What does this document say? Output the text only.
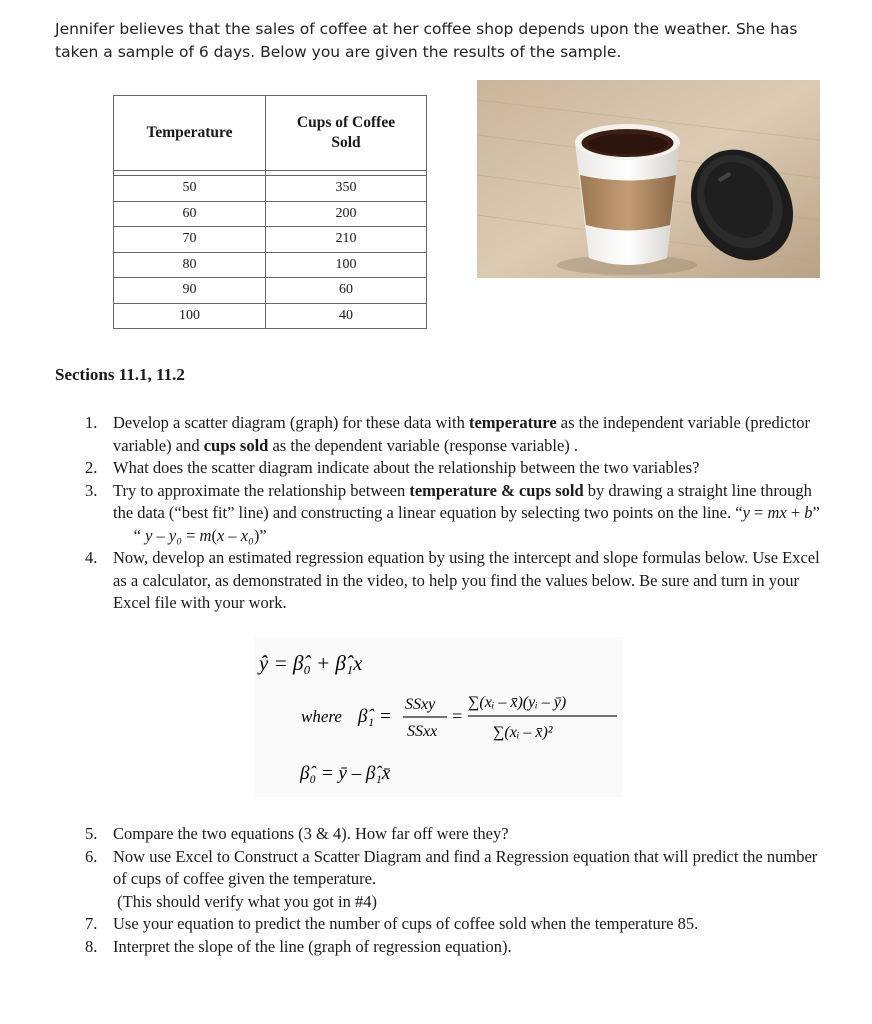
Jennifer believes that the sales of coffee at her coffee shop depends upon the weather. She has taken a sample of 6 days. Below you are given the results of the sample.
Temperature	Cups of Coffee Sold

50	350
60	200
70	210
80	100
90	60
100	40
Sections 11.1, 11.2
1. Develop a scatter diagram (graph) for these data with temperature as the independent variable (predictor variable) and cups sold as the dependent variable (response variable) .
2. What does the scatter diagram indicate about the relationship between the two variables?
3. Try to approximate the relationship between temperature & cups sold by drawing a straight line through the data (“best fit” line) and constructing a linear equation by selecting two points on the line. “y = mx + b”      “ y – y₀ = m(x – x₀)”
4. Now, develop an estimated regression equation by using the intercept and slope formulas below. Use Excel as a calculator, as demonstrated in the video, to help you find the values below. Be sure and turn in your Excel file with your work.
ŷ = β̂₀ + β̂₁x
where β̂₁ =
SSxy
SSxx
=
∑(xᵢ – x̄)(yᵢ – ȳ)
∑(xᵢ – x̄)²
β̂₀ = ȳ – β̂₁x̄
5. Compare the two equations (3 & 4). How far off were they?
6. Now use Excel to Construct a Scatter Diagram and find a Regression equation that will predict the number of cups of coffee given the temperature.
(This should verify what you got in #4)
7. Use your equation to predict the number of cups of coffee sold when the temperature 85.
8. Interpret the slope of the line (graph of regression equation).
